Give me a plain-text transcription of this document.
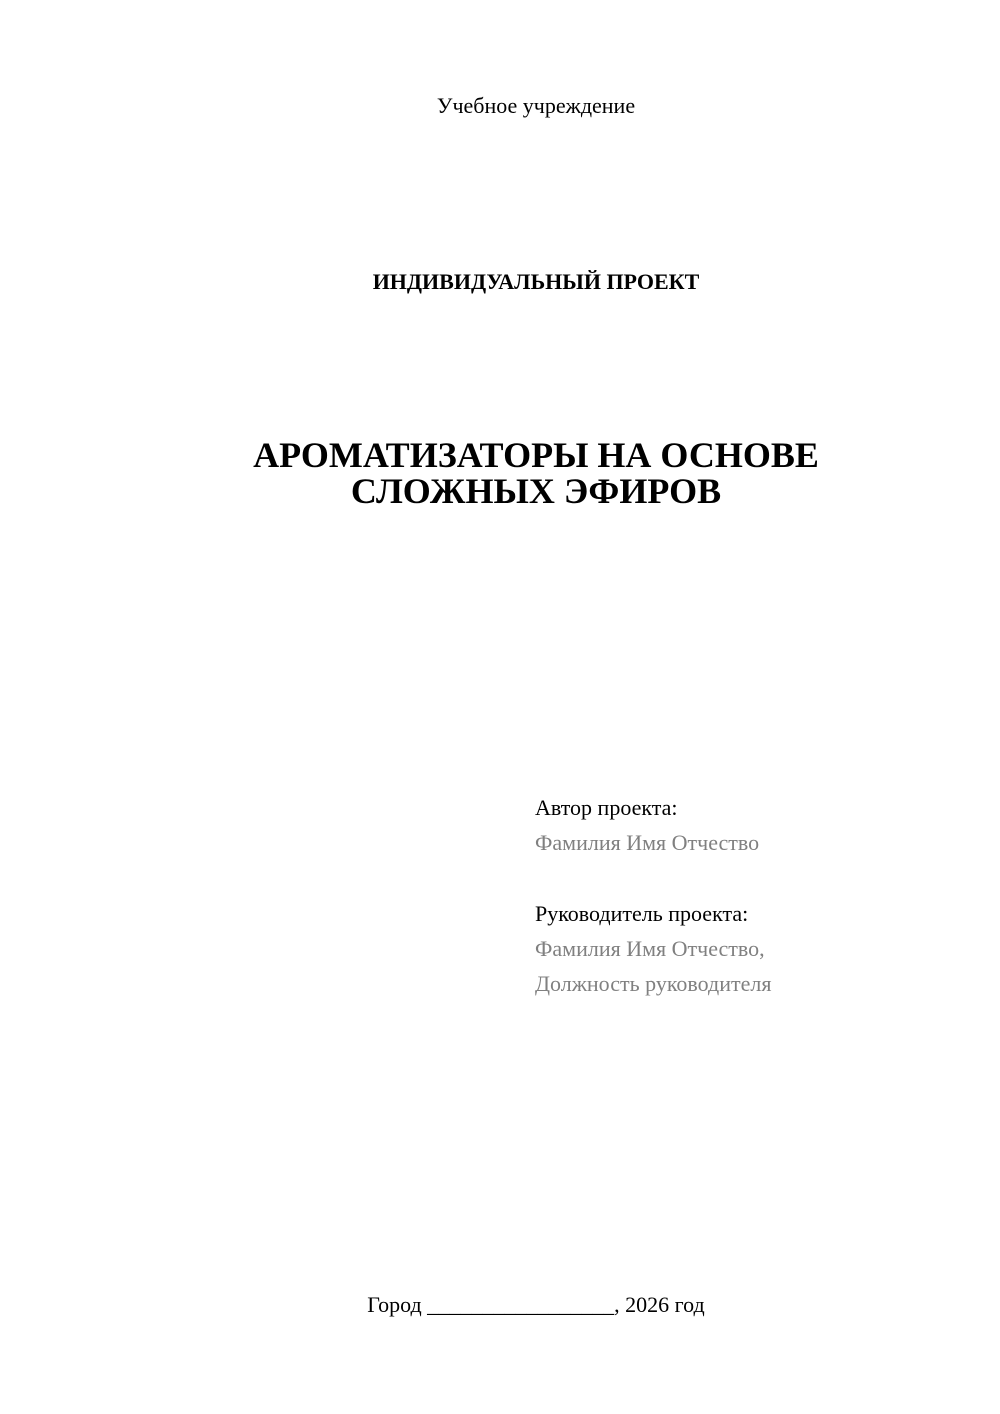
Учебное учреждение
ИНДИВИДУАЛЬНЫЙ ПРОЕКТ
АРОМАТИЗАТОРЫ НА ОСНОВЕ
СЛОЖНЫХ ЭФИРОВ
Автор проекта:
Фамилия Имя Отчество
Руководитель проекта:
Фамилия Имя Отчество,
Должность руководителя
Город _________________, 2026 год
